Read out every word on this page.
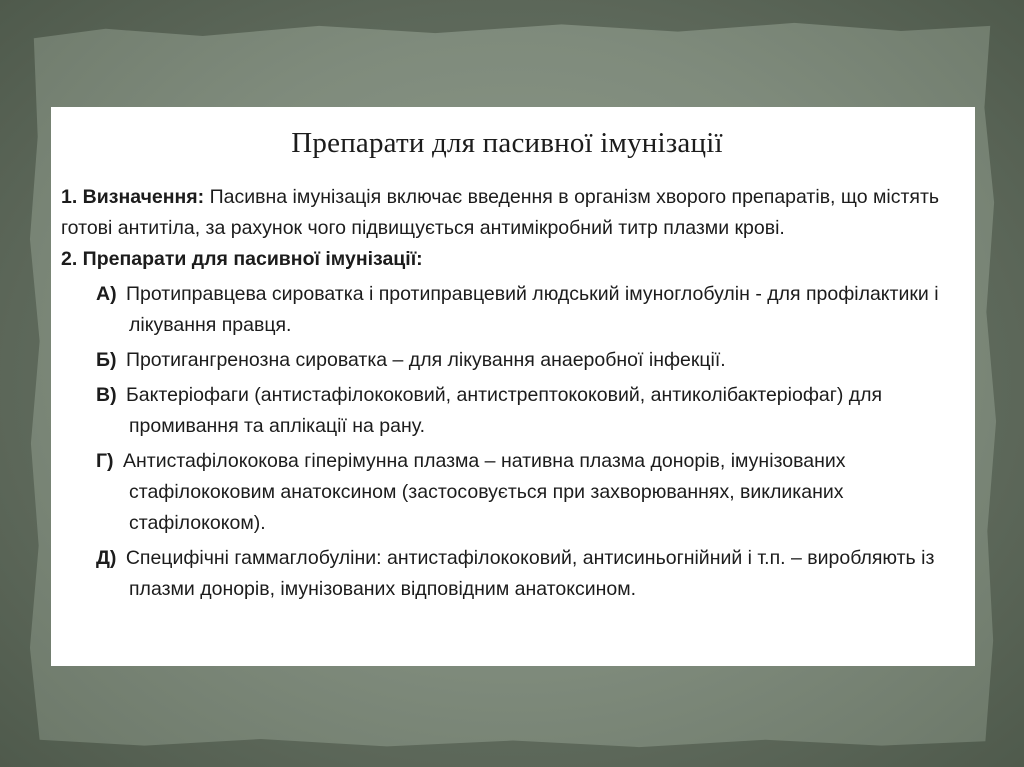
Препарати для пасивної імунізації

1. Визначення: Пасивна імунізація включає введення в організм хворого препаратів, що містять готові антитіла, за рахунок чого підвищується антимікробний титр плазми крові.

2. Препарати для пасивної імунізації:

А) Протиправцева сироватка і протиправцевий людський імуноглобулін - для профілактики і лікування правця.
Б) Протигангренозна сироватка – для лікування анаеробної інфекції.
В) Бактеріофаги (антистафілококовий, антистрептококовий, антиколібактеріофаг) для промивання та аплікації на рану.
Г) Антистафілококова гіперімунна плазма – нативна плазма донорів, імунізованих стафілококовим анатоксином (застосовується при захворюваннях, викликаних стафілококом).
Д) Специфічні гаммаглобуліни: антистафілококовий, антисиньогнійний і т.п. – виробляють із плазми донорів, імунізованих відповідним анатоксином.
